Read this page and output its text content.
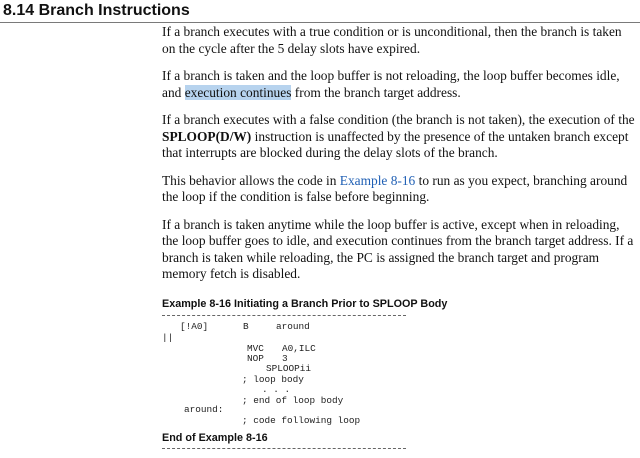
8.14 Branch Instructions

If a branch executes with a true condition or is unconditional, then the branch is taken on the cycle after the 5 delay slots have expired.

If a branch is taken and the loop buffer is not reloading, the loop buffer becomes idle, and execution continues from the branch target address.

If a branch executes with a false condition (the branch is not taken), the execution of the SPLOOP(D/W) instruction is unaffected by the presence of the untaken branch except that interrupts are blocked during the delay slots of the branch.

This behavior allows the code in Example 8-16 to run as you expect, branching around the loop if the condition is false before beginning.

If a branch is taken anytime while the loop buffer is active, except when in reloading, the loop buffer goes to idle, and execution continues from the branch target address. If a branch is taken while reloading, the PC is assigned the branch target and program memory fetch is disabled.

Example 8-16 Initiating a Branch Prior to SPLOOP Body

[!A0]
||
B	around
MVC A0,ILC
NOP 3
SPLOOPii
; loop body
. . .
; end of loop body
around:
; code following loop

End of Example 8-16
